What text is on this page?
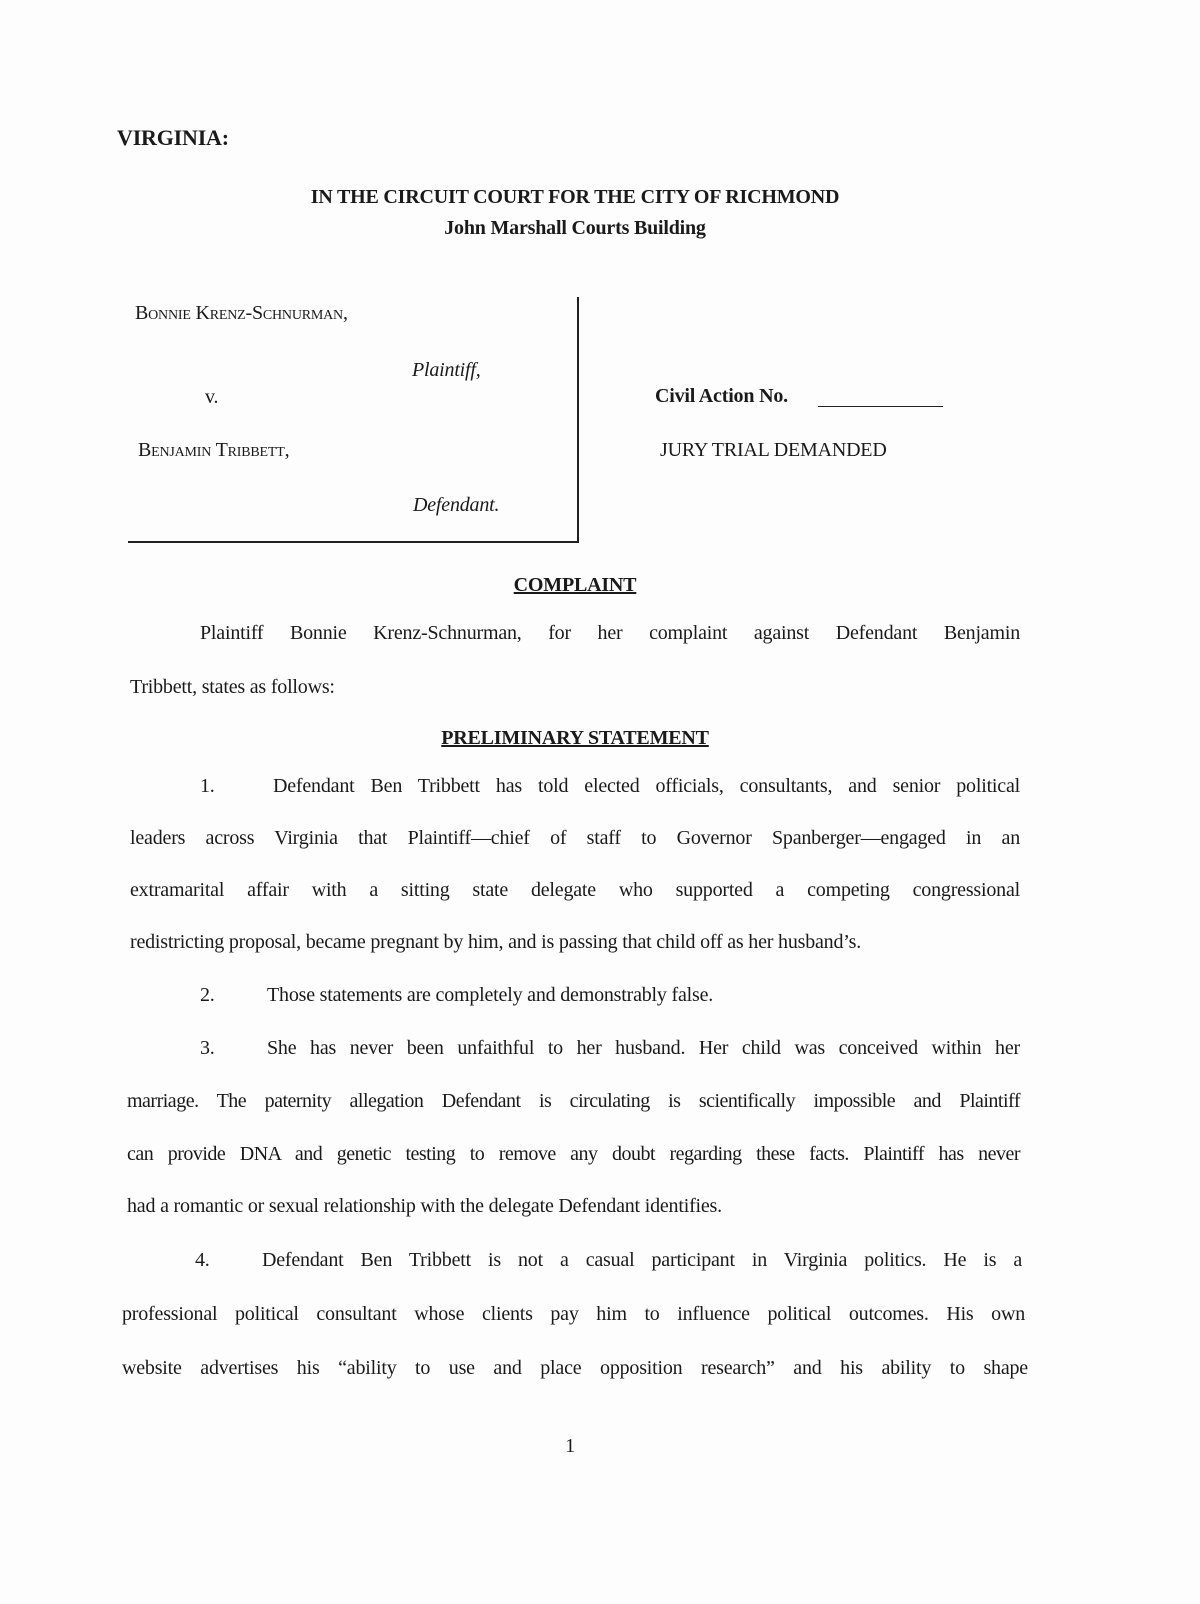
VIRGINIA:
IN THE CIRCUIT COURT FOR THE CITY OF RICHMOND
John Marshall Courts Building
Bonnie Krenz-Schnurman,
Plaintiff,
v.
Benjamin Tribbett,
Defendant.
Civil Action No.
JURY TRIAL DEMANDED
COMPLAINT
Plaintiff Bonnie Krenz-Schnurman, for her complaint against Defendant Benjamin
Tribbett, states as follows:
PRELIMINARY STATEMENT
1.	Defendant Ben Tribbett has told elected officials, consultants, and senior political
leaders across Virginia that Plaintiff—chief of staff to Governor Spanberger—engaged in an
extramarital affair with a sitting state delegate who supported a competing congressional
redistricting proposal, became pregnant by him, and is passing that child off as her husband’s.
2.	Those statements are completely and demonstrably false.
3.	She has never been unfaithful to her husband. Her child was conceived within her
marriage. The paternity allegation Defendant is circulating is scientifically impossible and Plaintiff
can provide DNA and genetic testing to remove any doubt regarding these facts. Plaintiff has never
had a romantic or sexual relationship with the delegate Defendant identifies.
4.	Defendant Ben Tribbett is not a casual participant in Virginia politics. He is a
professional political consultant whose clients pay him to influence political outcomes. His own
website advertises his “ability to use and place opposition research” and his ability to shape
1
